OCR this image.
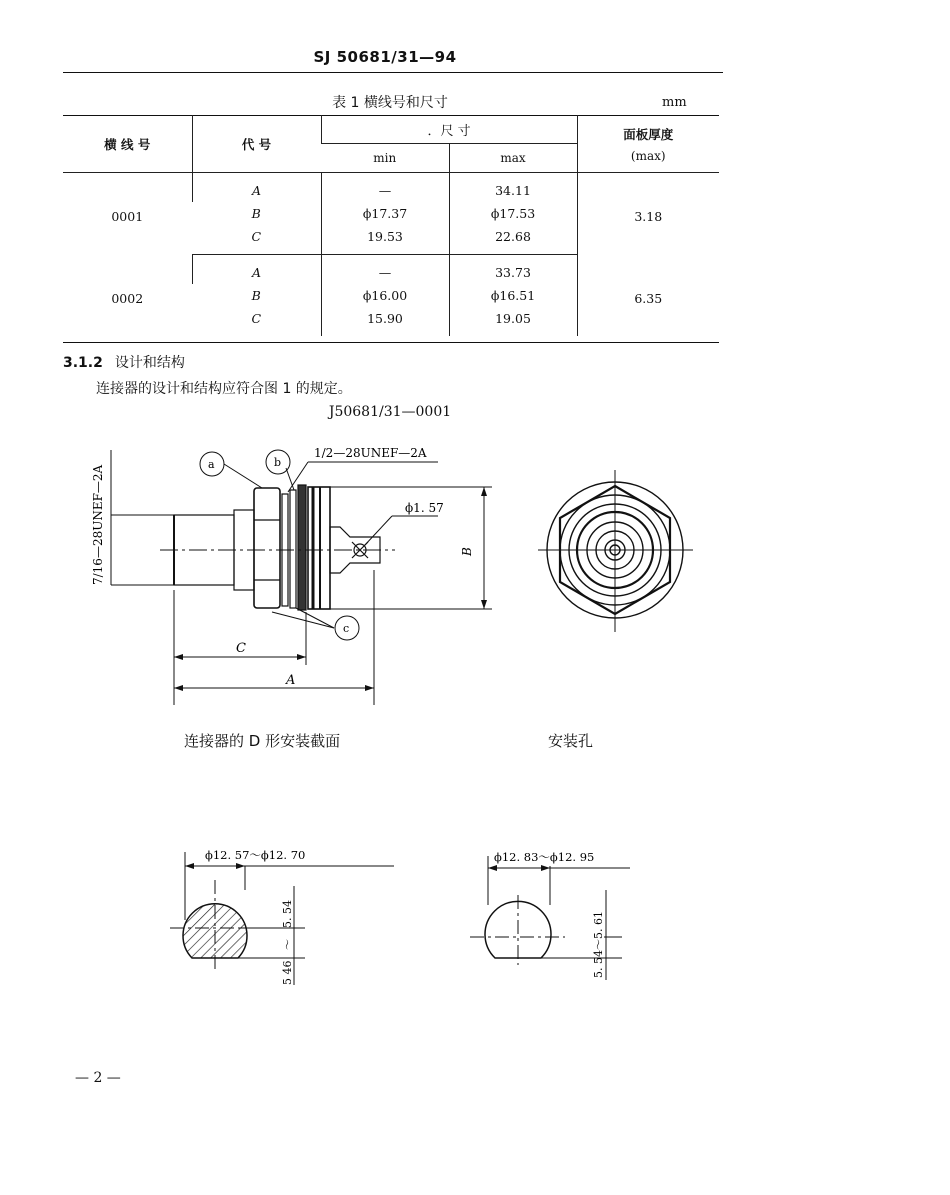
SJ 50681/31—94
表 1 横线号和尺寸	mm
横 线 号	代 号	．尺 寸		面板厚度
(max)

		min	max	
0001	A	—	34.11	3.18
	B	ϕ17.37	ϕ17.53	
	C	19.53	22.68	
0002	A	—	33.73	6.35
	B	ϕ16.00	ϕ16.51	
	C	15.90	19.05	
3.1.2 设计和结构
连接器的设计和结构应符合图 1 的规定。
J50681/31—0001
7/16—28UNEF—2A
1/2—28UNEF—2A
ϕ1. 57
B
C
A
a	b
c
ϕ12. 57～ϕ12. 70
5. 54
～
5 46
ϕ12. 83～ϕ12. 95
5. 54～5. 61
连接器的 D 形安装截面	安装孔
— 2 —
